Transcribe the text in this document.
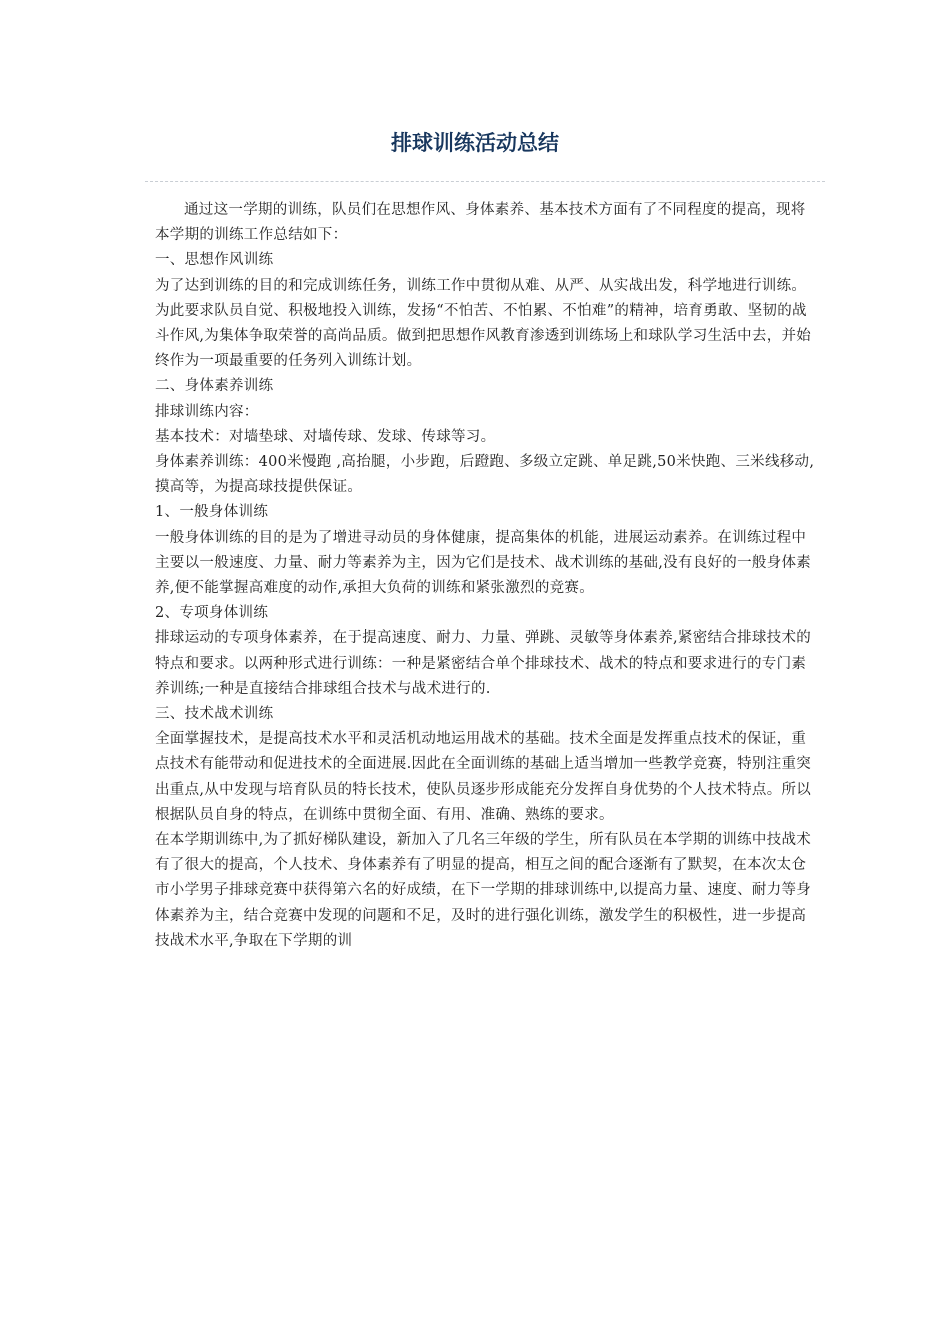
排球训练活动总结

通过这一学期的训练，队员们在思想作风、身体素养、基本技术方面有了不同程度的提高，现将本学期的训练工作总结如下：

一、思想作风训练

为了达到训练的目的和完成训练任务，训练工作中贯彻从难、从严、从实战出发，科学地进行训练。为此要求队员自觉、积极地投入训练，发扬“不怕苦、不怕累、不怕难”的精神，培育勇敢、坚韧的战斗作风,为集体争取荣誉的高尚品质。做到把思想作风教育渗透到训练场上和球队学习生活中去，并始终作为一项最重要的任务列入训练计划。

二、身体素养训练

排球训练内容：

基本技术：对墙垫球、对墙传球、发球、传球等习。

身体素养训练：400米慢跑 ,高抬腿，小步跑，后蹬跑、多级立定跳、单足跳,50米快跑、三米线移动,摸高等，为提高球技提供保证。

1、一般身体训练

一般身体训练的目的是为了增进寻动员的身体健康，提高集体的机能，进展运动素养。在训练过程中主要以一般速度、力量、耐力等素养为主，因为它们是技术、战术训练的基础,没有良好的一般身体素养,便不能掌握高难度的动作,承担大负荷的训练和紧张激烈的竞赛。

2、专项身体训练

排球运动的专项身体素养，在于提高速度、耐力、力量、弹跳、灵敏等身体素养,紧密结合排球技术的特点和要求。以两种形式进行训练：一种是紧密结合单个排球技术、战术的特点和要求进行的专门素养训练;一种是直接结合排球组合技术与战术进行的.

三、技术战术训练

全面掌握技术，是提高技术水平和灵活机动地运用战术的基础。技术全面是发挥重点技术的保证，重点技术有能带动和促进技术的全面进展.因此在全面训练的基础上适当增加一些教学竞赛，特别注重突出重点,从中发现与培育队员的特长技术，使队员逐步形成能充分发挥自身优势的个人技术特点。所以根据队员自身的特点，在训练中贯彻全面、有用、准确、熟练的要求。

在本学期训练中,为了抓好梯队建设，新加入了几名三年级的学生，所有队员在本学期的训练中技战术有了很大的提高，个人技术、身体素养有了明显的提高，相互之间的配合逐渐有了默契，在本次太仓市小学男子排球竞赛中获得第六名的好成绩，在下一学期的排球训练中,以提高力量、速度、耐力等身体素养为主，结合竞赛中发现的问题和不足，及时的进行强化训练，激发学生的积极性，进一步提高技战术水平,争取在下学期的训
